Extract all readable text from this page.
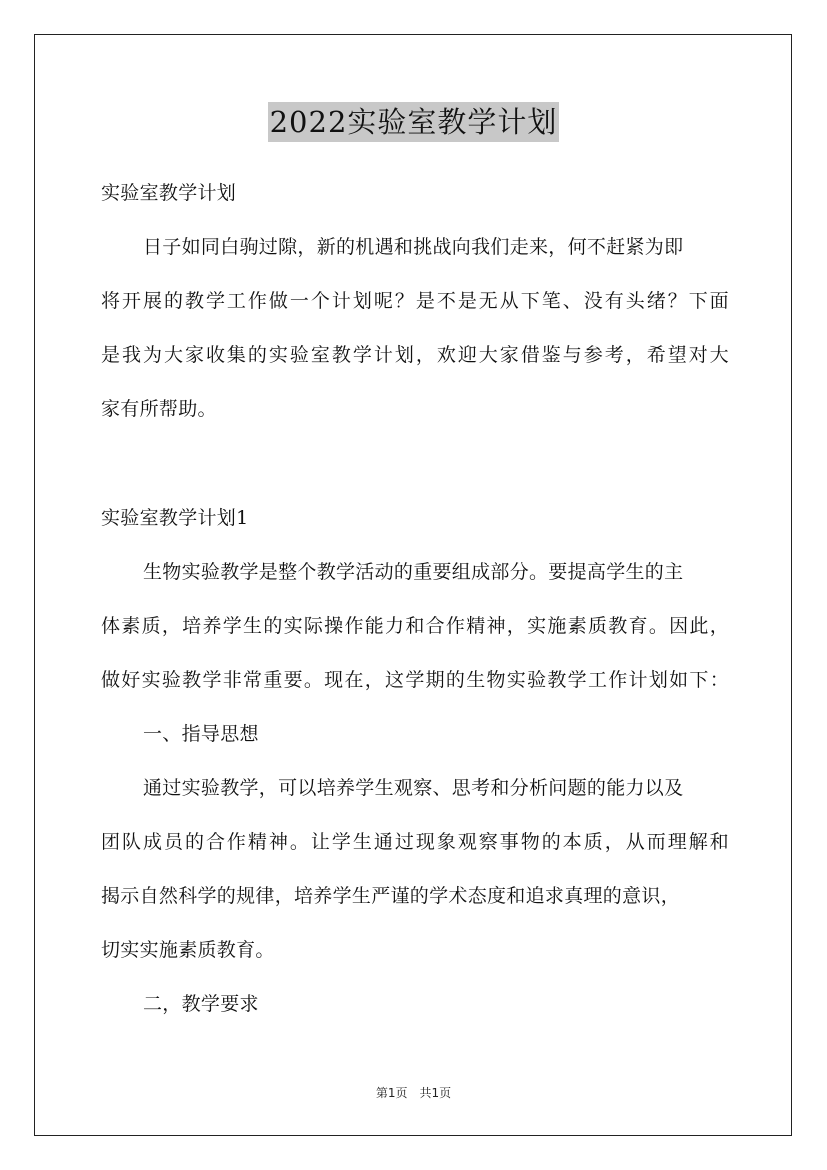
2022实验室教学计划
实验室教学计划
日子如同白驹过隙，新的机遇和挑战向我们走来，何不赶紧为即
将开展的教学工作做一个计划呢？是不是无从下笔、没有头绪？下面
是我为大家收集的实验室教学计划，欢迎大家借鉴与参考，希望对大
家有所帮助。
实验室教学计划1
生物实验教学是整个教学活动的重要组成部分。要提高学生的主
体素质，培养学生的实际操作能力和合作精神，实施素质教育。因此，
做好实验教学非常重要。现在，这学期的生物实验教学工作计划如下：
一、指导思想
通过实验教学，可以培养学生观察、思考和分析问题的能力以及
团队成员的合作精神。让学生通过现象观察事物的本质，从而理解和
揭示自然科学的规律，培养学生严谨的学术态度和追求真理的意识，
切实实施素质教育。
二，教学要求
第1页　共1页
